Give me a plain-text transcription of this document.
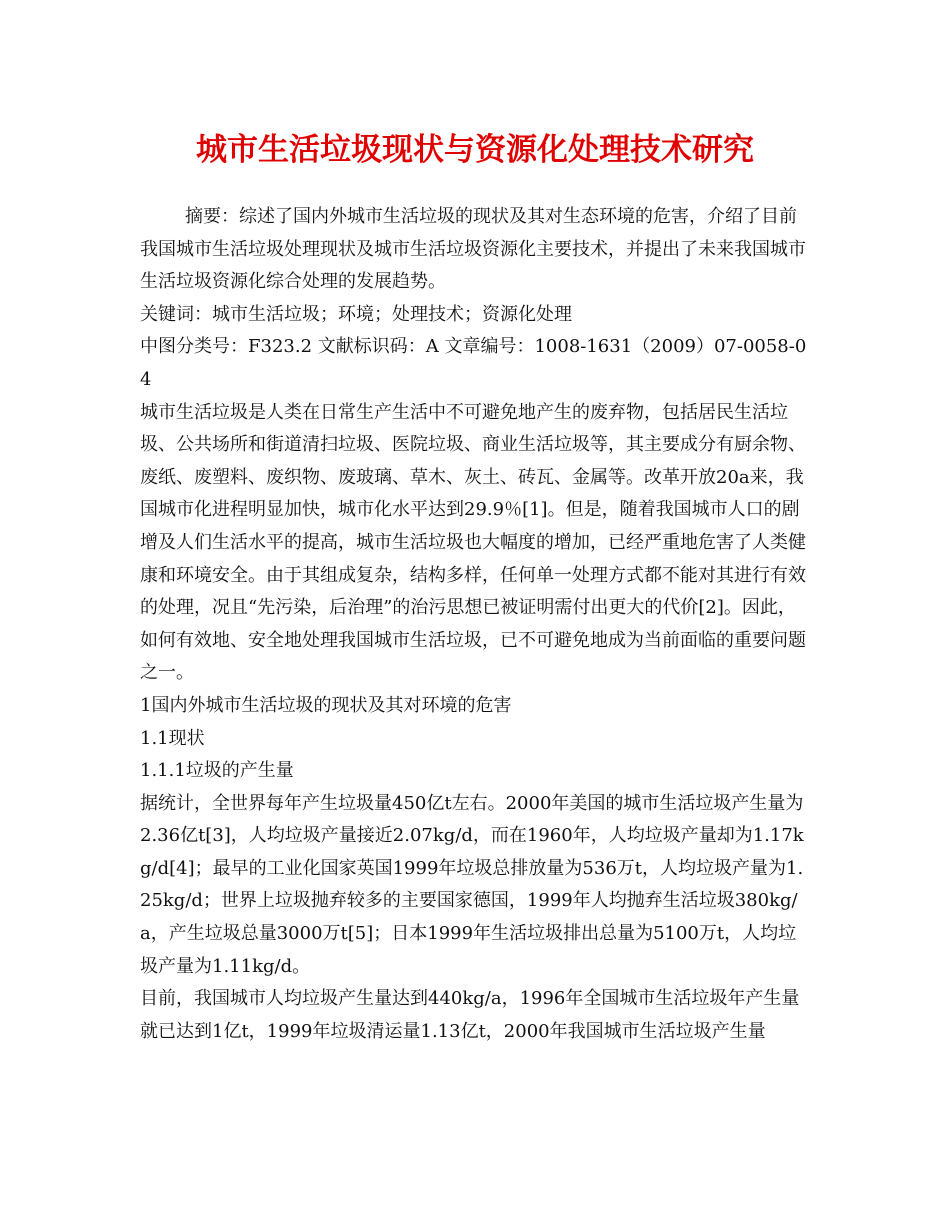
城市生活垃圾现状与资源化处理技术研究

摘要：综述了国内外城市生活垃圾的现状及其对生态环境的危害，介绍了目前我国城市生活垃圾处理现状及城市生活垃圾资源化主要技术，并提出了未来我国城市生活垃圾资源化综合处理的发展趋势。

关键词：城市生活垃圾；环境；处理技术；资源化处理

中图分类号：F323.2 文献标识码：A 文章编号：1008-1631（2009）07-0058-04

城市生活垃圾是人类在日常生产生活中不可避免地产生的废弃物，包括居民生活垃圾、公共场所和街道清扫垃圾、医院垃圾、商业生活垃圾等，其主要成分有厨余物、废纸、废塑料、废织物、废玻璃、草木、灰土、砖瓦、金属等。改革开放20a来，我国城市化进程明显加快，城市化水平达到29.9％[1]。但是，随着我国城市人口的剧增及人们生活水平的提高，城市生活垃圾也大幅度的增加，已经严重地危害了人类健康和环境安全。由于其组成复杂，结构多样，任何单一处理方式都不能对其进行有效的处理，况且“先污染，后治理”的治污思想已被证明需付出更大的代价[2]。因此，如何有效地、安全地处理我国城市生活垃圾，已不可避免地成为当前面临的重要问题之一。

1国内外城市生活垃圾的现状及其对环境的危害

1.1现状

1.1.1垃圾的产生量

据统计，全世界每年产生垃圾量450亿t左右。2000年美国的城市生活垃圾产生量为2.36亿t[3]，人均垃圾产量接近2.07kg/d，而在1960年，人均垃圾产量却为1.17kg/d[4]；最早的工业化国家英国1999年垃圾总排放量为536万t，人均垃圾产量为1.25kg/d；世界上垃圾抛弃较多的主要国家德国，1999年人均抛弃生活垃圾380kg/a，产生垃圾总量3000万t[5]；日本1999年生活垃圾排出总量为5100万t，人均垃圾产量为1.11kg/d。

目前，我国城市人均垃圾产生量达到440kg/a，1996年全国城市生活垃圾年产生量就已达到1亿t，1999年垃圾清运量1.13亿t，2000年我国城市生活垃圾产生量
